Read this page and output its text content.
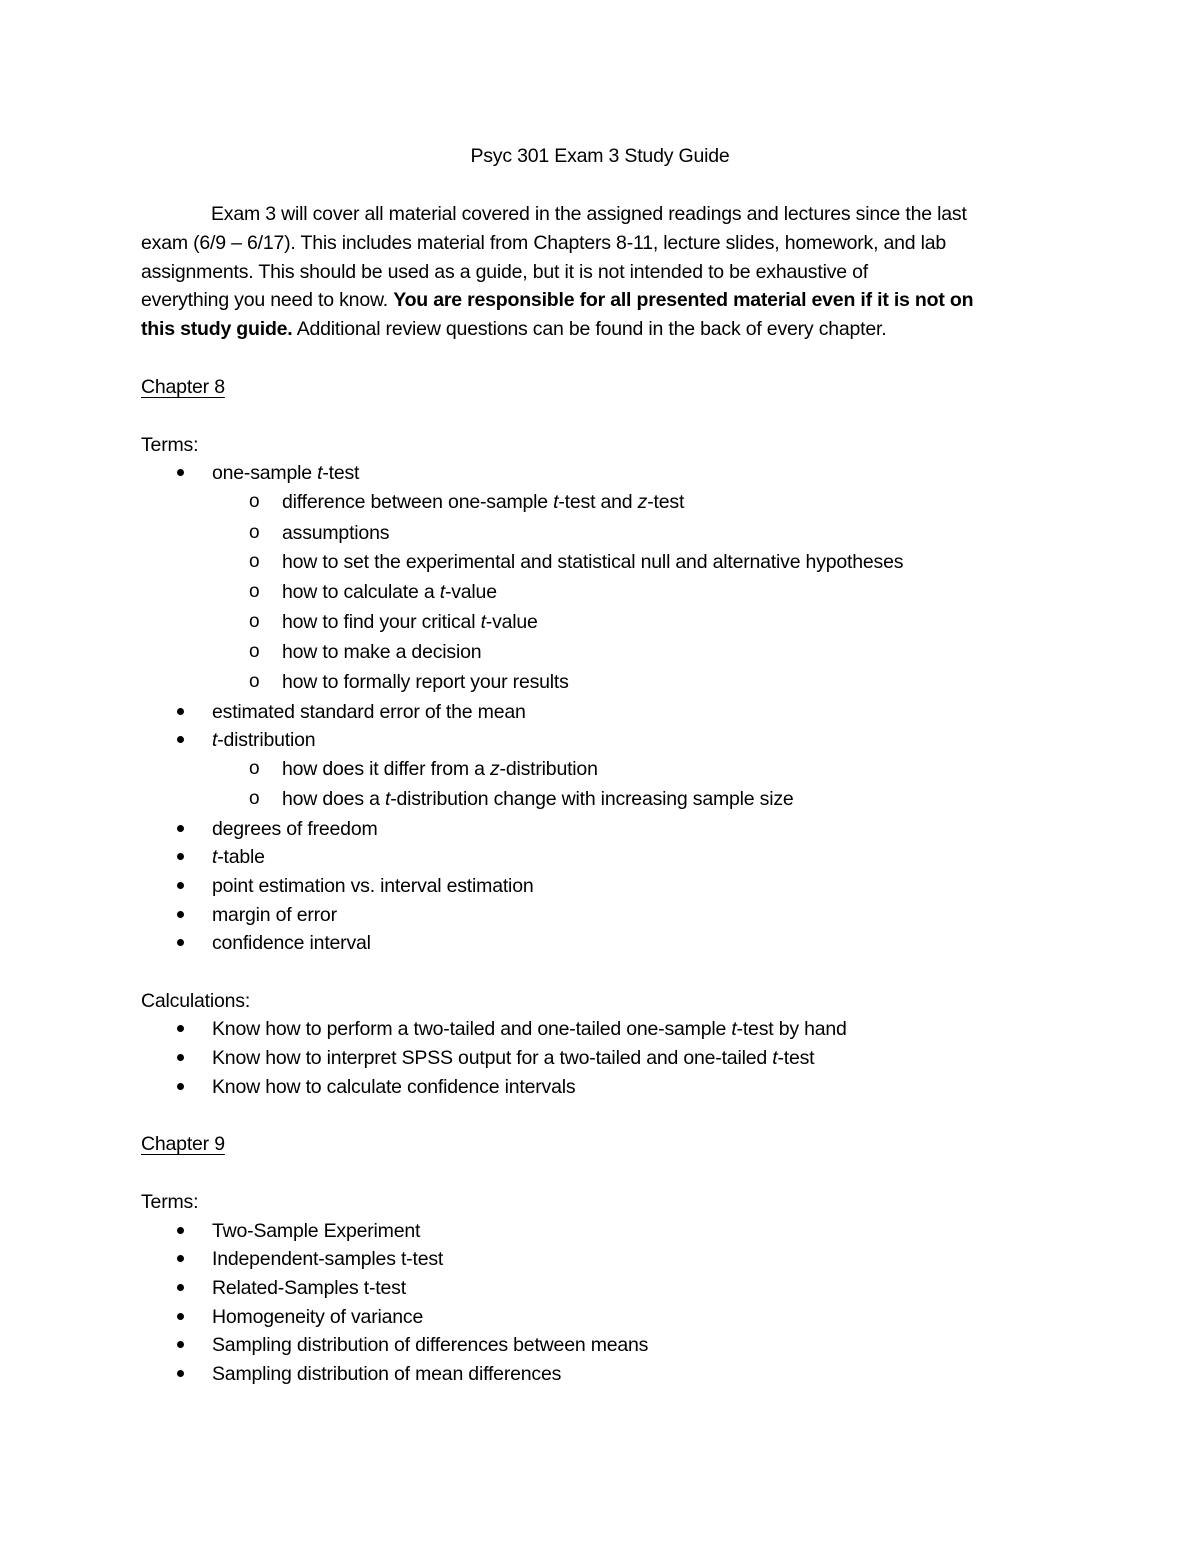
Psyc 301 Exam 3 Study Guide
Exam 3 will cover all material covered in the assigned readings and lectures since the last
exam (6/9 – 6/17). This includes material from Chapters 8-11, lecture slides, homework, and lab
assignments. This should be used as a guide, but it is not intended to be exhaustive of
everything you need to know. You are responsible for all presented material even if it is not on
this study guide. Additional review questions can be found in the back of every chapter.
Chapter 8
Terms:
one-sample t-test
o difference between one-sample t-test and z-test
o assumptions
o how to set the experimental and statistical null and alternative hypotheses
o how to calculate a t-value
o how to find your critical t-value
o how to make a decision
o how to formally report your results
estimated standard error of the mean
t-distribution
o how does it differ from a z-distribution
o how does a t-distribution change with increasing sample size
degrees of freedom
t-table
point estimation vs. interval estimation
margin of error
confidence interval
Calculations:
Know how to perform a two-tailed and one-tailed one-sample t-test by hand
Know how to interpret SPSS output for a two-tailed and one-tailed t-test
Know how to calculate confidence intervals
Chapter 9
Terms:
Two-Sample Experiment
Independent-samples t-test
Related-Samples t-test
Homogeneity of variance
Sampling distribution of differences between means
Sampling distribution of mean differences
